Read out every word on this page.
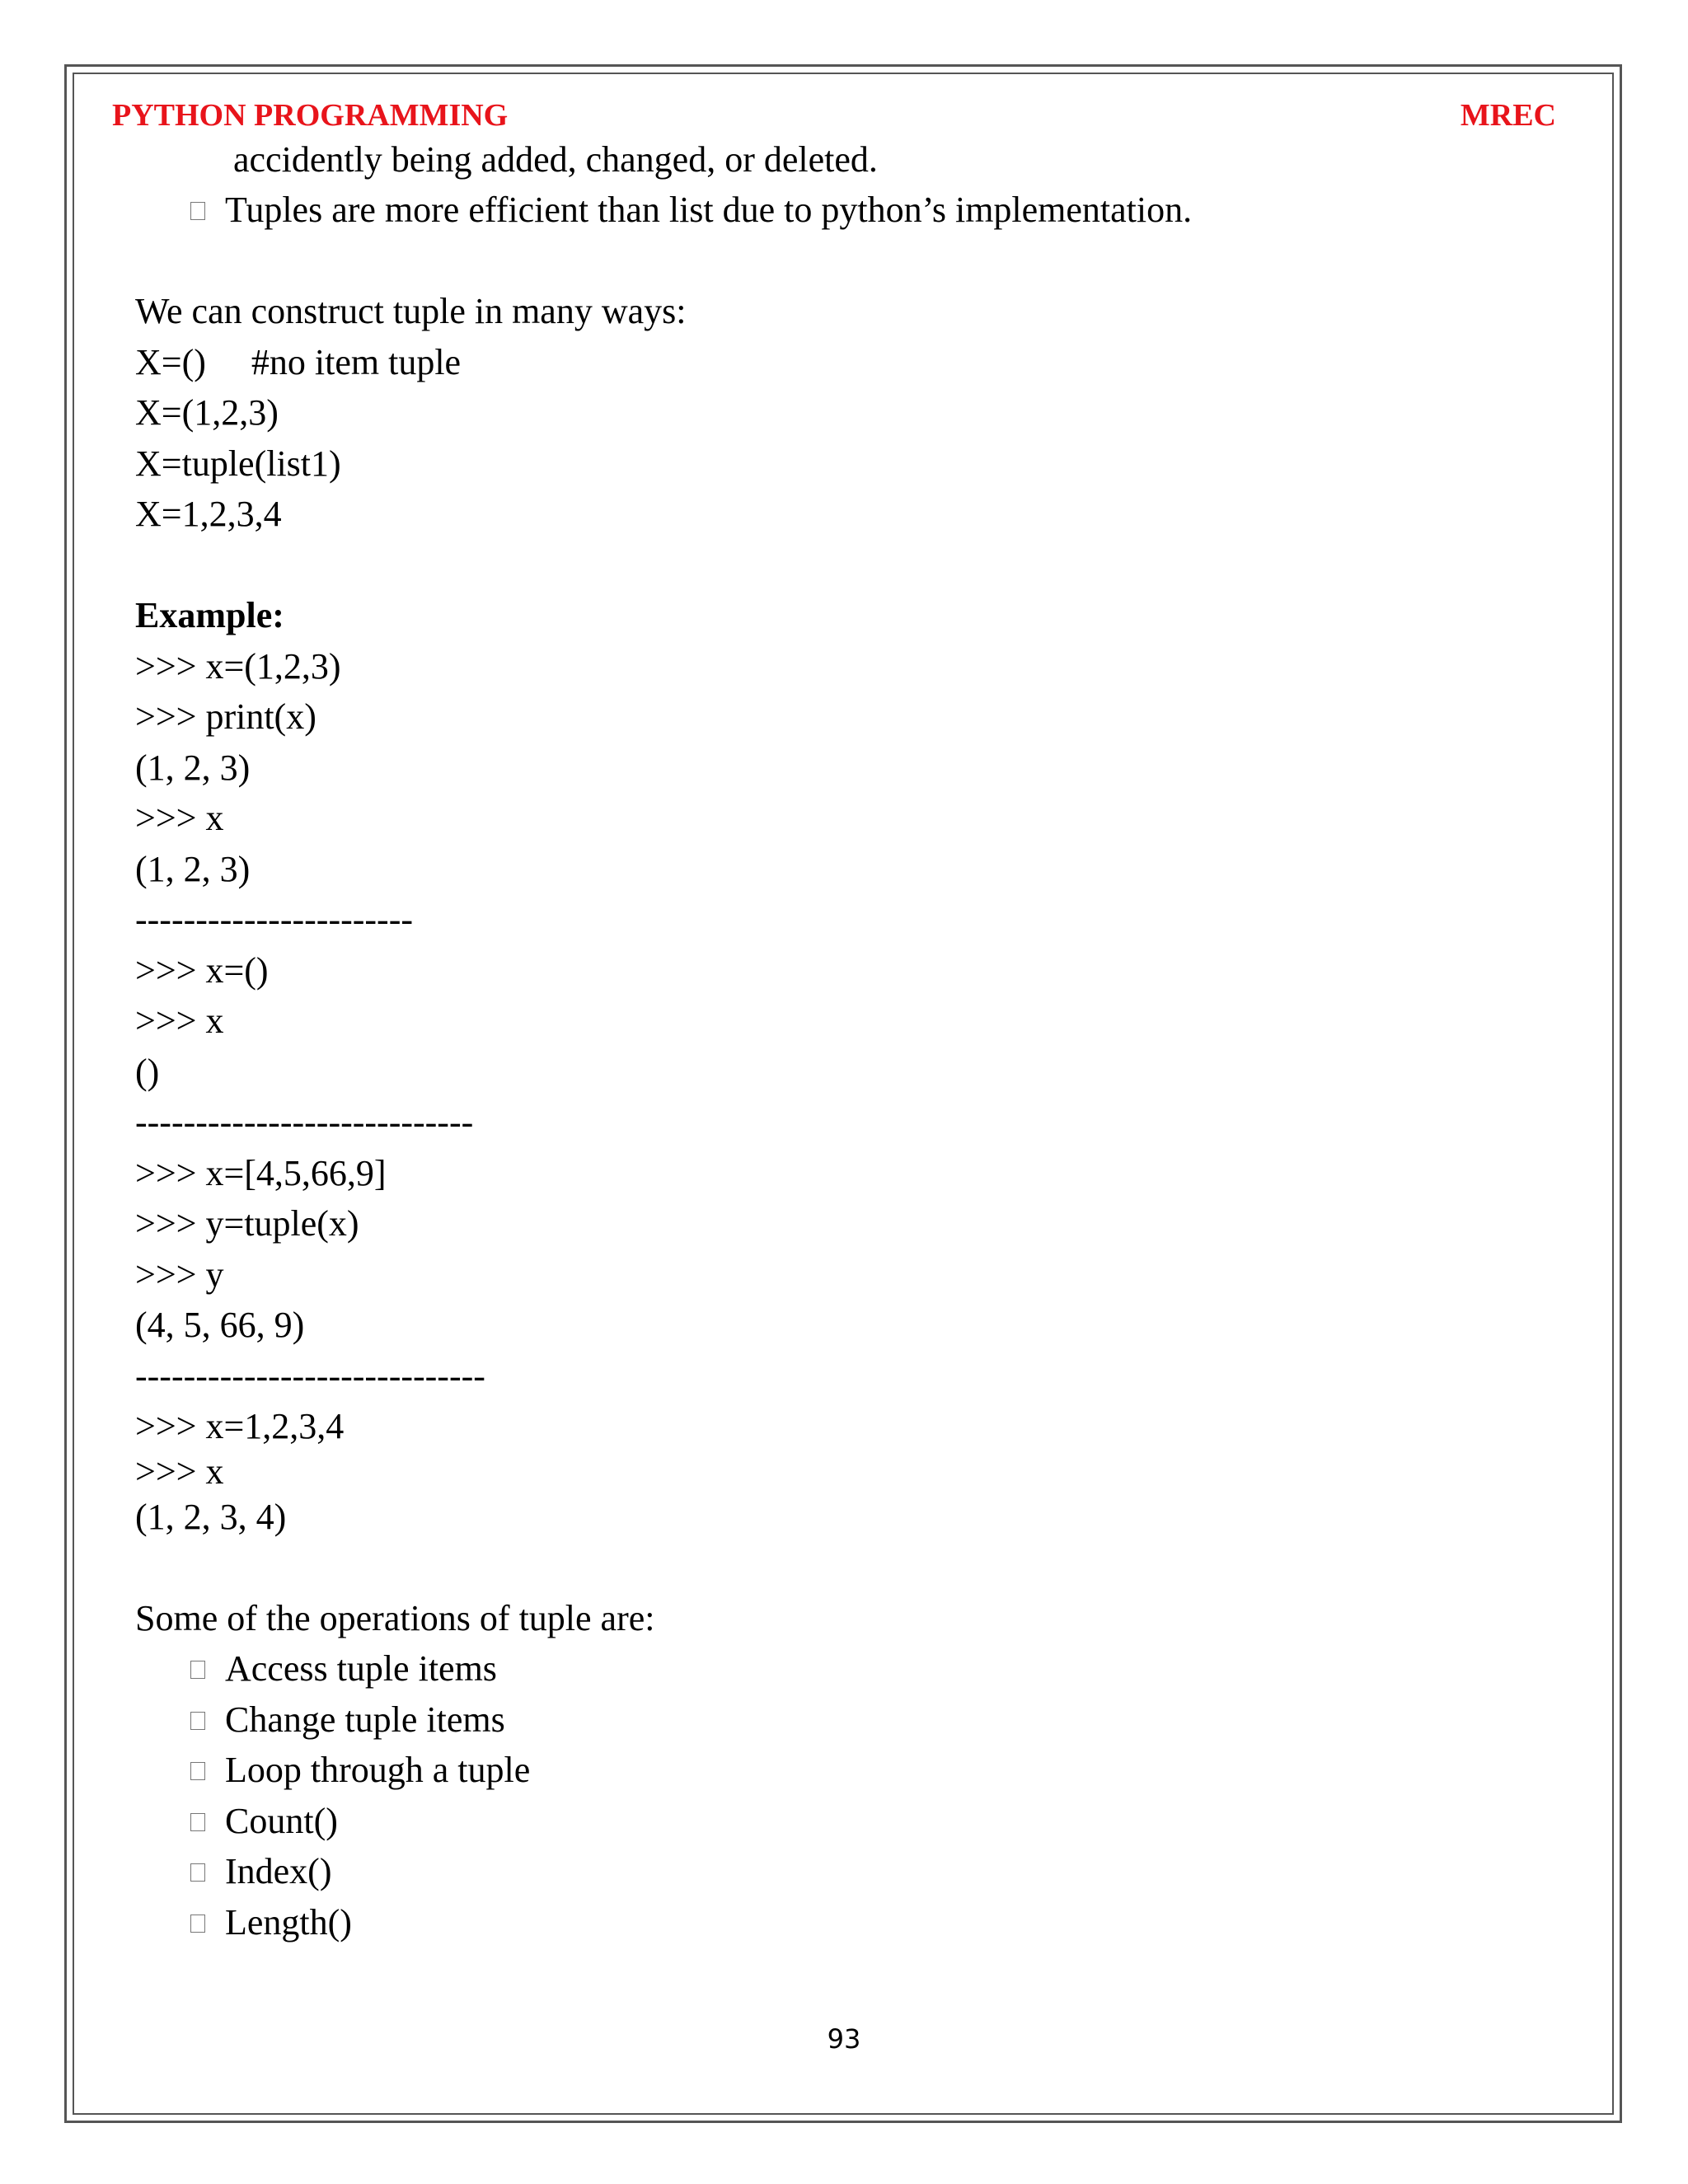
PYTHON PROGRAMMING	MREC
accidently being added, changed, or deleted.
Tuples are more efficient than list due to python’s implementation.
We can construct tuple in many ways:
X=()     #no item tuple
X=(1,2,3)
X=tuple(list1)
X=1,2,3,4
Example:
>>> x=(1,2,3)
>>> print(x)
(1, 2, 3)
>>> x
(1, 2, 3)
-----------------------
>>> x=()
>>> x
()
----------------------------
>>> x=[4,5,66,9]
>>> y=tuple(x)
>>> y
(4, 5, 66, 9)
-----------------------------
>>> x=1,2,3,4
>>> x
(1, 2, 3, 4)
Some of the operations of tuple are:
Access tuple items
Change tuple items
Loop through a tuple
Count()
Index()
Length()
93
